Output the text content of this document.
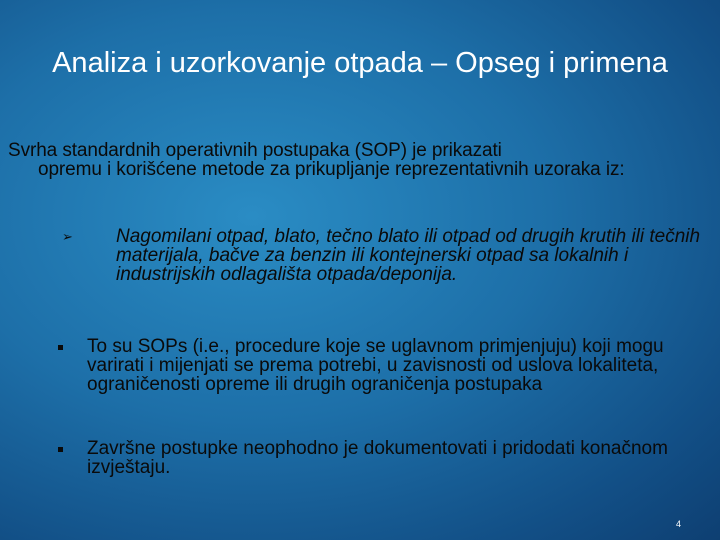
Analiza i uzorkovanje otpada – Opseg i primena
Svrha standardnih operativnih postupaka (SOP) je prikazati
opremu i korišćene metode za prikupljanje reprezentativnih uzoraka iz:
➢	Nagomilani otpad, blato, tečno blato ili otpad od drugih krutih ili tečnih materijala, bačve za benzin ili kontejnerski otpad sa lokalnih i industrijskih odlagališta otpada/deponija.
To su SOPs (i.e., procedure koje se uglavnom primjenjuju) koji mogu varirati i mijenjati se prema potrebi, u zavisnosti od uslova lokaliteta, ograničenosti opreme ili drugih ograničenja postupaka
Završne postupke neophodno je dokumentovati i pridodati konačnom izvještaju.
4
